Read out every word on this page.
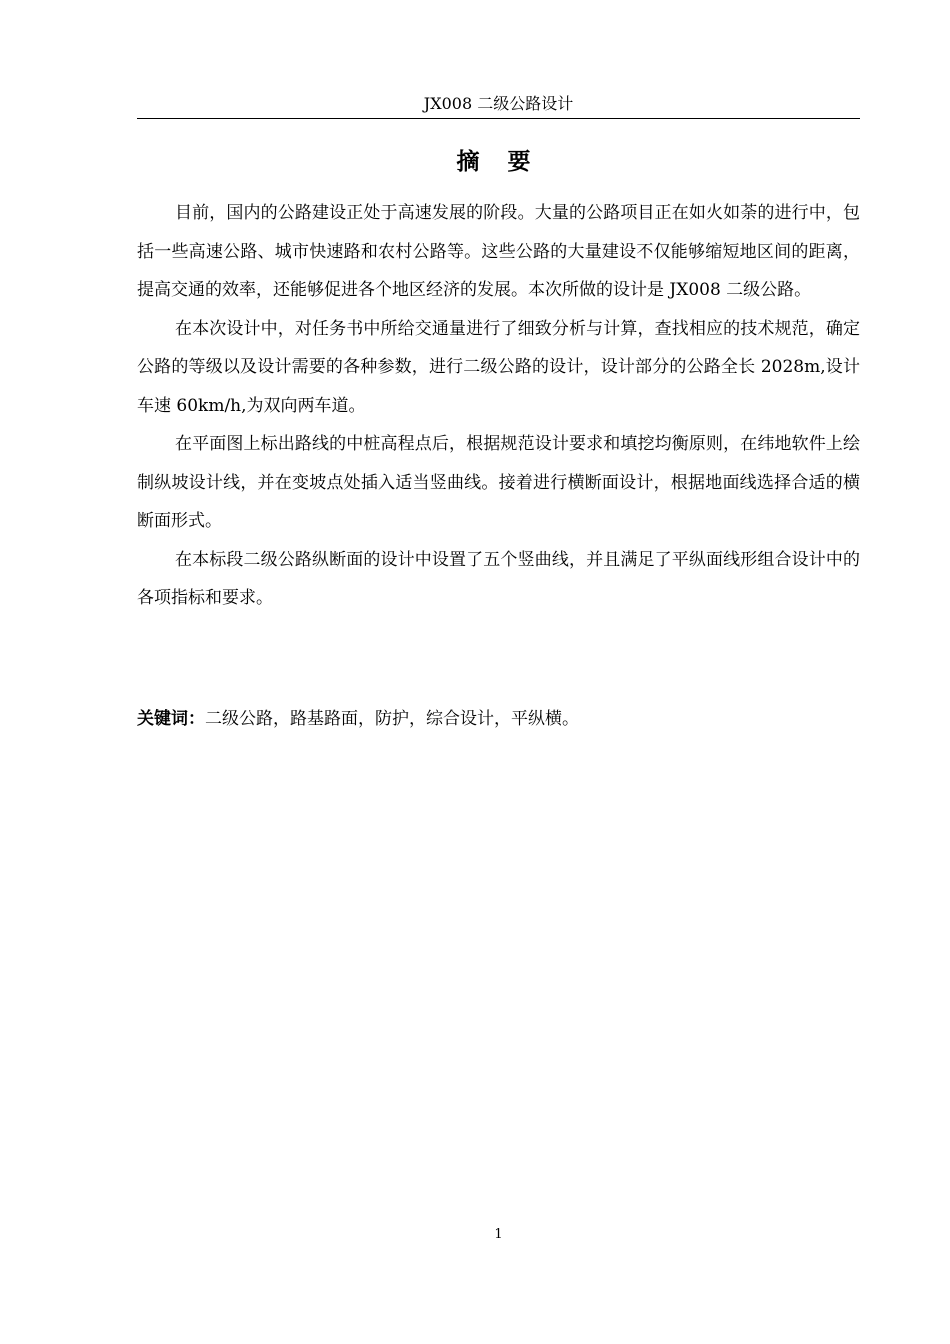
JX008 二级公路设计
摘 要

目前，国内的公路建设正处于高速发展的阶段。大量的公路项目正在如火如荼的进行中，包括一些高速公路、城市快速路和农村公路等。这些公路的大量建设不仅能够缩短地区间的距离，提高交通的效率，还能够促进各个地区经济的发展。本次所做的设计是 JX008 二级公路。

在本次设计中，对任务书中所给交通量进行了细致分析与计算，查找相应的技术规范，确定公路的等级以及设计需要的各种参数，进行二级公路的设计，设计部分的公路全长 2028m,设计车速 60km/h,为双向两车道。

在平面图上标出路线的中桩高程点后，根据规范设计要求和填挖均衡原则，在纬地软件上绘制纵坡设计线，并在变坡点处插入适当竖曲线。接着进行横断面设计，根据地面线选择合适的横断面形式。

在本标段二级公路纵断面的设计中设置了五个竖曲线，并且满足了平纵面线形组合设计中的各项指标和要求。

关键词：二级公路，路基路面，防护，综合设计，平纵横。
1
